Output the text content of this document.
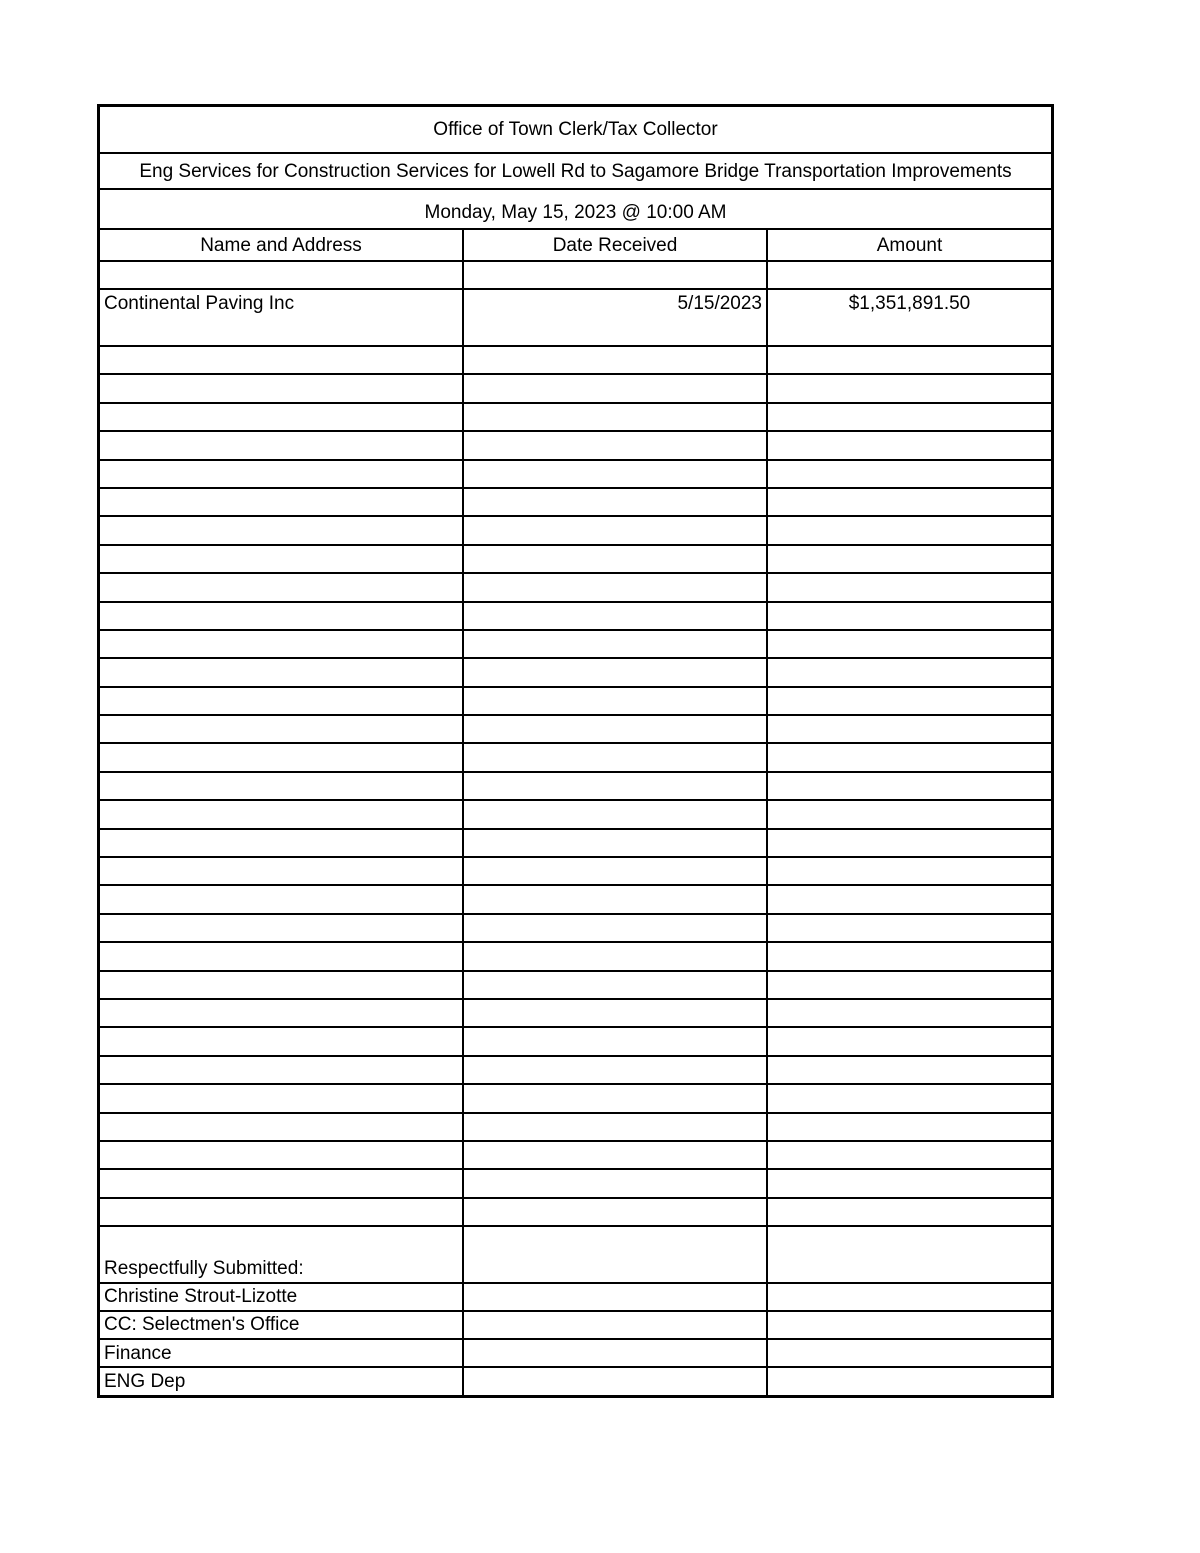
Office of Town Clerk/Tax Collector		
Eng Services for Construction Services for Lowell Rd to Sagamore Bridge Transportation Improvements		
Monday, May 15, 2023 @ 10:00 AM		
Name and Address	Date Received	Amount

Continental Paving Inc	5/15/2023	$1,351,891.50

Respectfully Submitted:		
Christine Strout-Lizotte		
CC: Selectmen's Office		
Finance		
ENG Dep		
